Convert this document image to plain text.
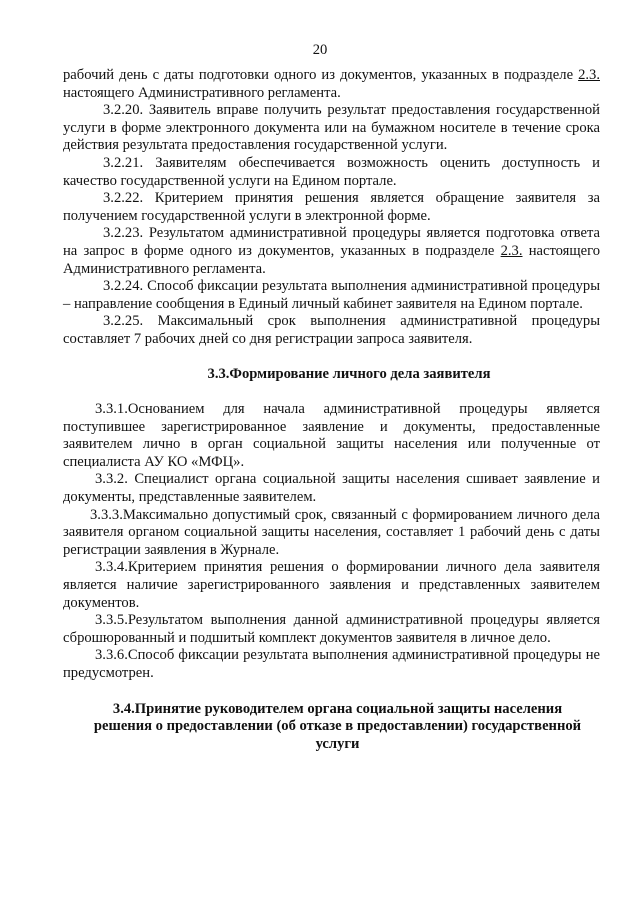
20

рабочий день с даты подготовки одного из документов, указанных в подразделе 2.3. настоящего Административного регламента.

3.2.20. Заявитель вправе получить результат предоставления государственной услуги в форме электронного документа или на бумажном носителе в течение срока действия результата предоставления государственной услуги.

3.2.21. Заявителям обеспечивается возможность оценить доступность и качество государственной услуги на Едином портале.

3.2.22. Критерием принятия решения является обращение заявителя за получением государственной услуги в электронной форме.

3.2.23. Результатом административной процедуры является подготовка ответа на запрос в форме одного из документов, указанных в подразделе 2.3. настоящего Административного регламента.

3.2.24. Способ фиксации результата выполнения административной процедуры – направление сообщения в Единый личный кабинет заявителя на Едином портале.

3.2.25. Максимальный срок выполнения административной процедуры составляет 7 рабочих дней со дня регистрации запроса заявителя.

3.3.Формирование личного дела заявителя

3.3.1.Основанием для начала административной процедуры является поступившее зарегистрированное заявление и документы, предоставленные заявителем лично в орган социальной защиты населения или полученные от специалиста АУ КО «МФЦ».

3.3.2. Специалист органа социальной защиты населения сшивает заявление и документы, представленные заявителем.

3.3.3.Максимально допустимый срок, связанный с формированием личного дела заявителя органом социальной защиты населения, составляет 1 рабочий день с даты регистрации заявления в Журнале.

3.3.4.Критерием принятия решения о формировании личного дела заявителя является наличие зарегистрированного заявления и представленных заявителем документов.

3.3.5.Результатом выполнения данной административной процедуры является сброшюрованный и подшитый комплект документов заявителя в личное дело.

3.3.6.Способ фиксации результата выполнения административной процедуры не предусмотрен.

3.4.Принятие руководителем органа социальной защиты населения решения о предоставлении (об отказе в предоставлении) государственной услуги
